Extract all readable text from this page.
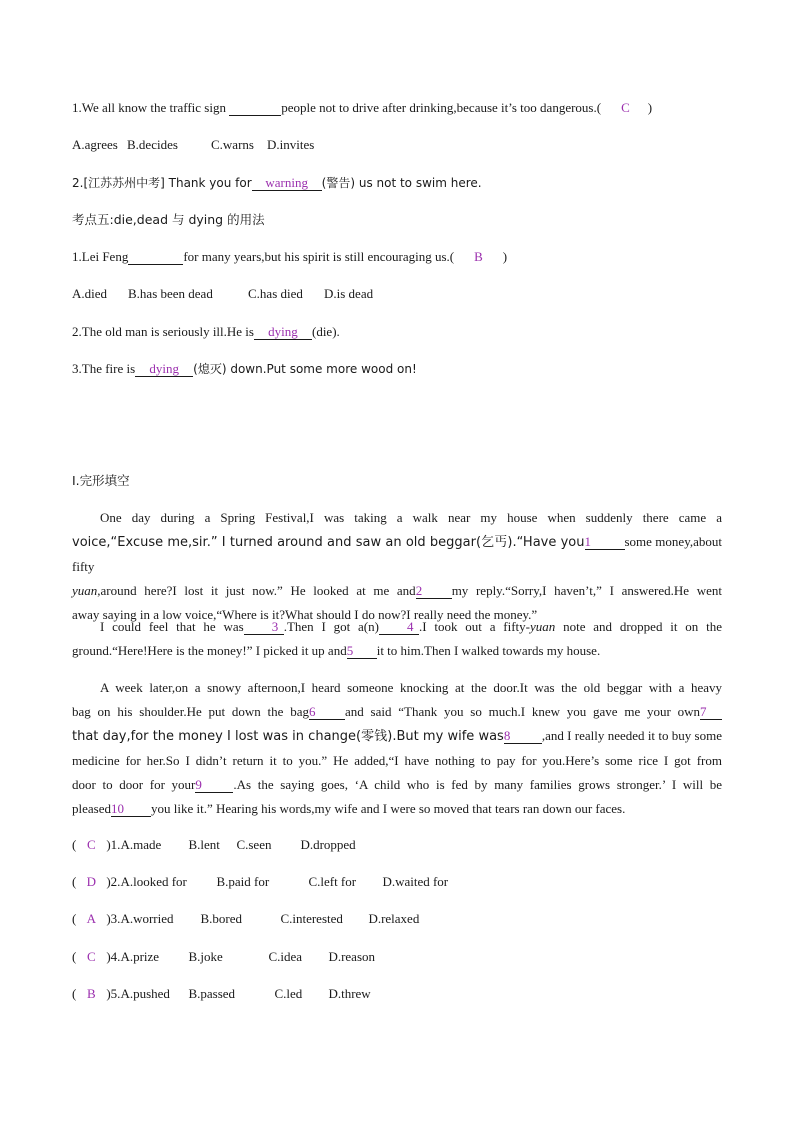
1.We all know the traffic sign	people not to drive after drinking,because it’s too dangerous.( C )
A.agrees B.decides	C.warns D.invites
2.[江苏苏州中考] Thank you for warning (警告) us not to swim here.
考点五:die,dead 与 dying 的用法
1.Lei Feng	for many years,but his spirit is still encouraging us.( B )
A.died B.has been dead	C.has died D.is dead
2.The old man is seriously ill.He is dying (die).
3.The fire is dying (熄灭) down.Put some more wood on!
Ⅰ.完形填空
One day during a Spring Festival,I was taking a walk near my house when suddenly there came a
voice,“Excuse me,sir.” I turned around and saw an old beggar(乞丐).“Have you1	some money,about fifty
yuan,around here?I lost it just now.” He looked at me and2 my reply.“Sorry,I haven’t,” I answered.He went
away saying in a low voice,“Where is it?What should I do now?I really need the money.”
I could feel that he was 3 .Then I got a(n) 4 .I took out a fifty-yuan note and dropped it on the
ground.“Here!Here is the money!” I picked it up and5 it to him.Then I walked towards my house.
A week later,on a snowy afternoon,I heard someone knocking at the door.It was the old beggar with a heavy
bag on his shoulder.He put down the bag6 and said “Thank you so much.I knew you gave me your own7
that day,for the money I lost was in change(零钱).But my wife was8 ,and I really needed it to buy some
medicine for her.So I didn’t return it to you.” He added,“I have nothing to pay for you.Here’s some rice I got from
door to door for your9 .As the saying goes, ‘A child who is fed by many families grows stronger.’ I will be
pleased10 you like it.” Hearing his words,my wife and I were so moved that tears ran down our faces.
( C )1.A.made B.lent C.seen D.dropped
( D )2.A.looked for B.paid for	C.left for D.waited for
( A )3.A.worried B.bored	C.interested D.relaxed
( C )4.A.prize B.joke	C.idea D.reason
( B )5.A.pushed B.passed	C.led D.threw
